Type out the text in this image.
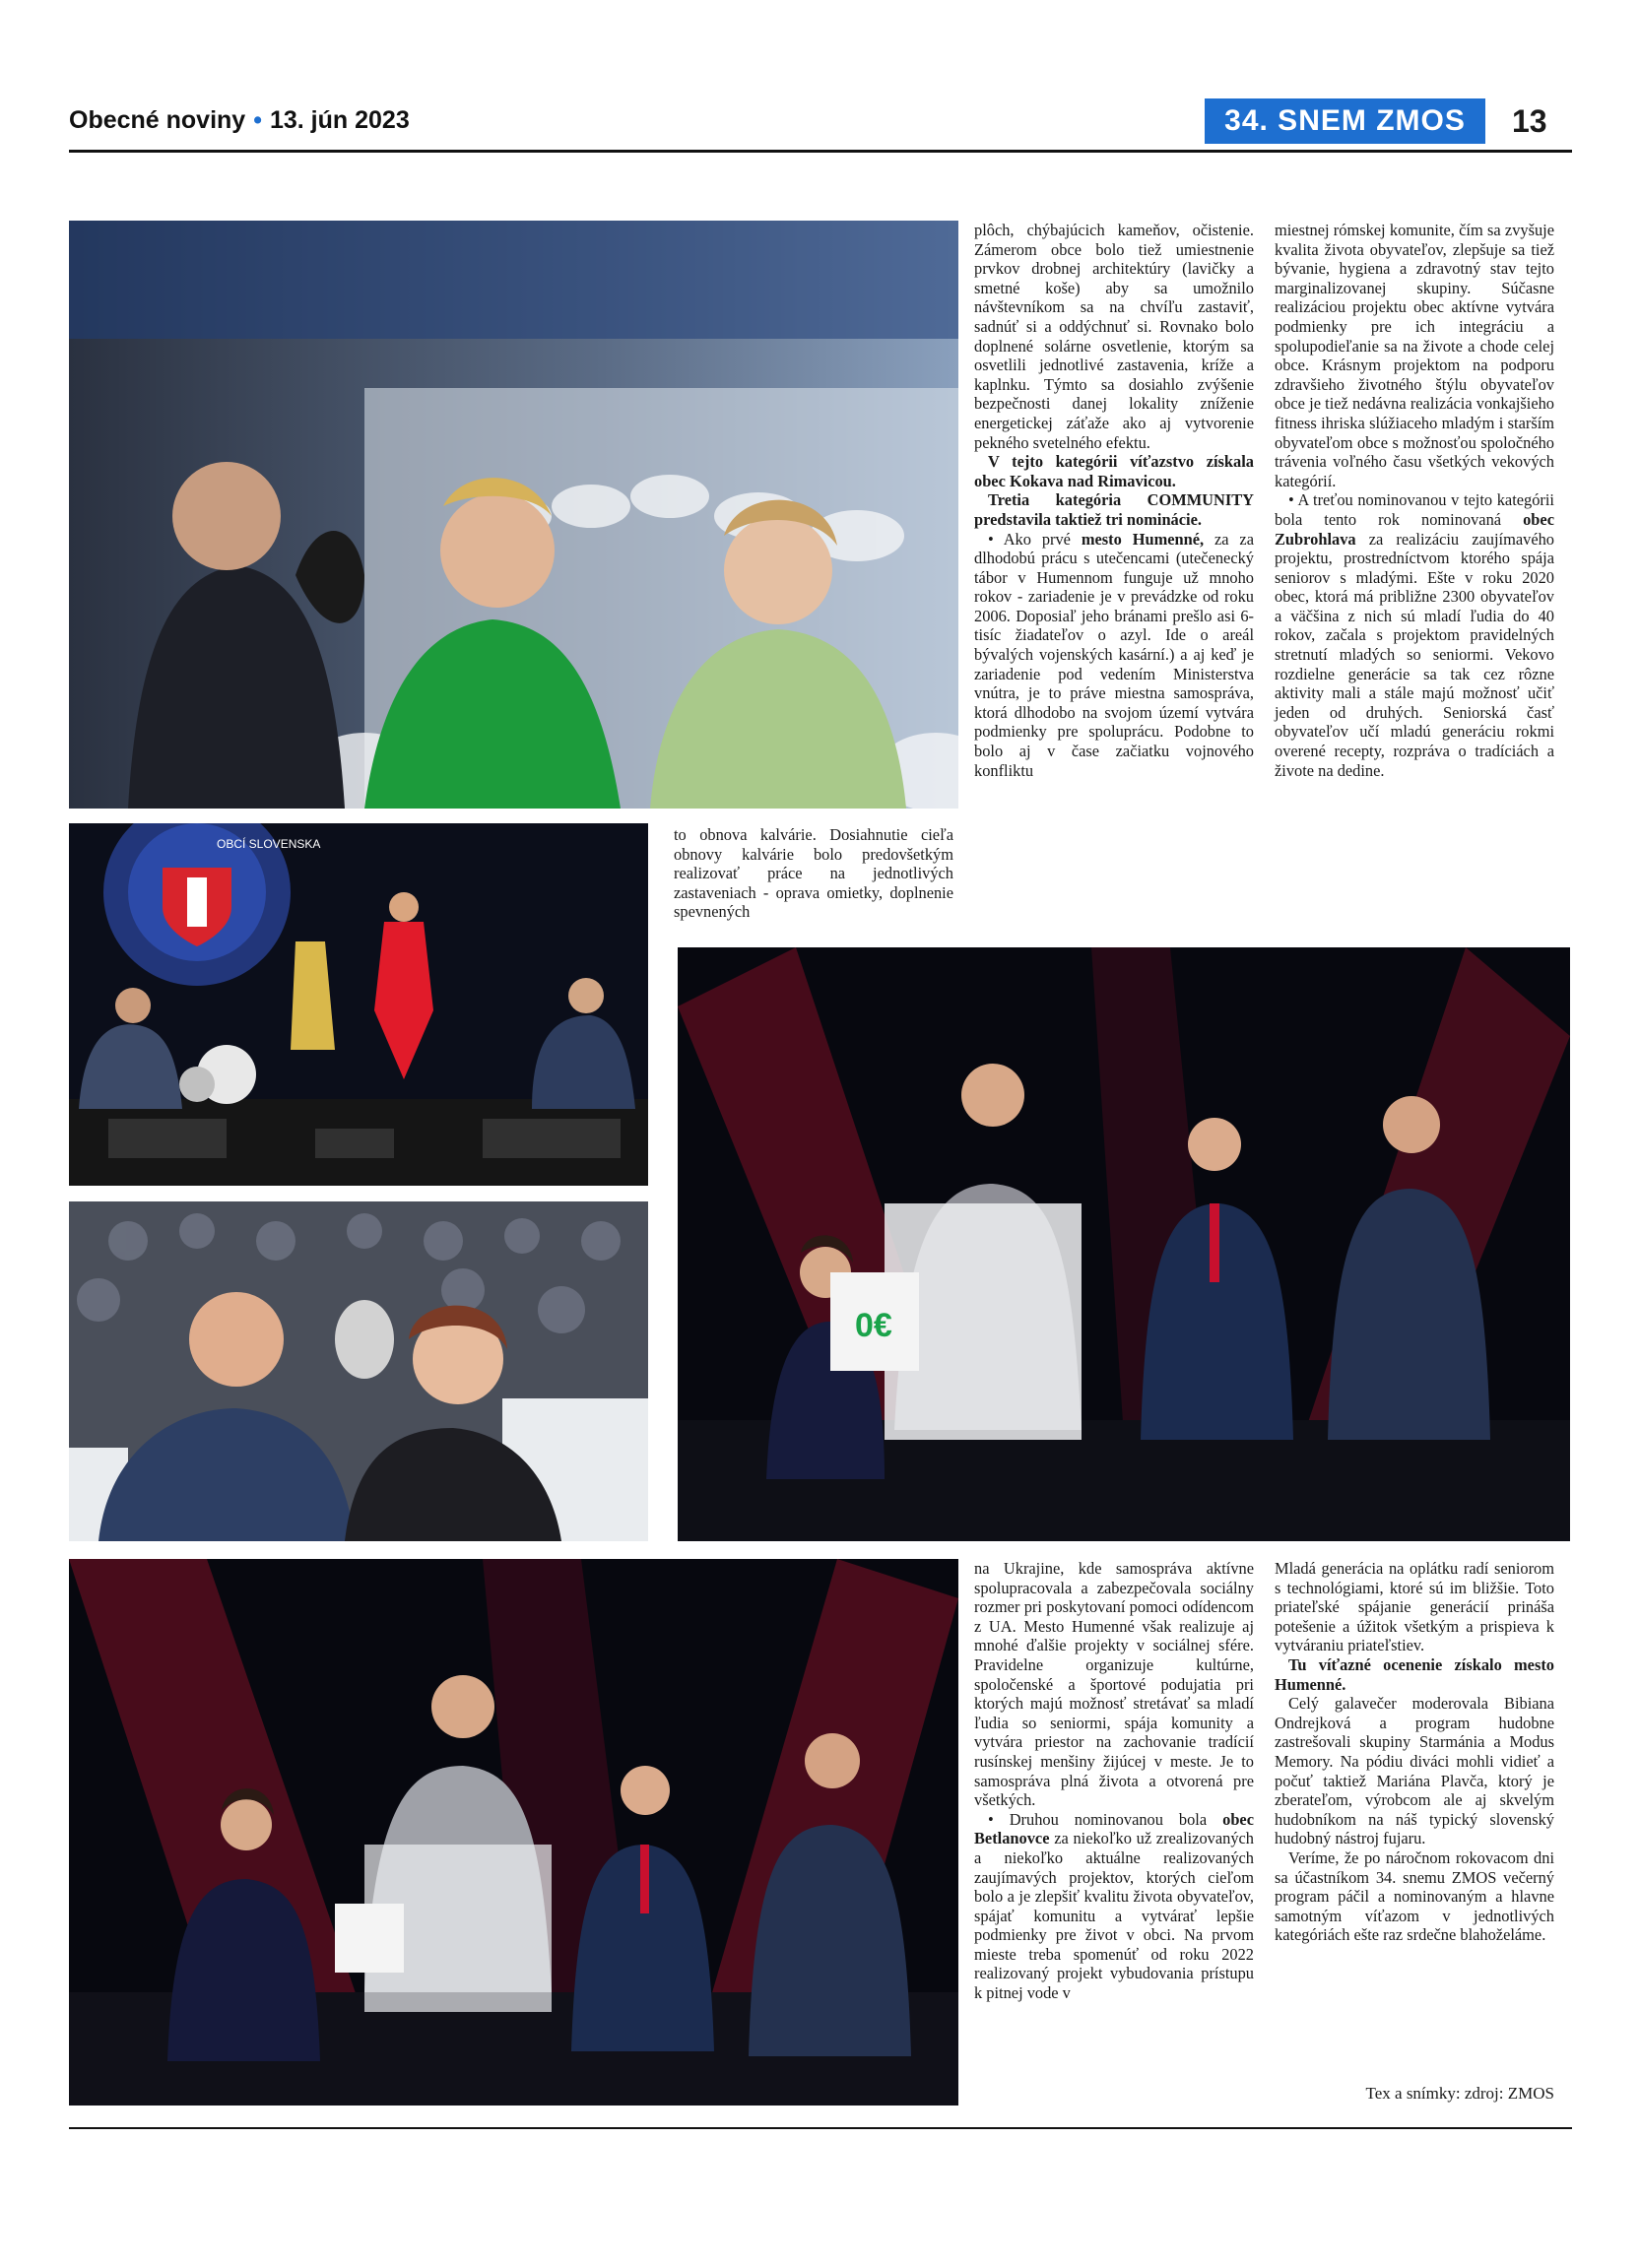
Obecné noviny • 13. jún 2023	34. SNEM ZMOS	13

plôch, chýbajúcich kameňov, očistenie. Zámerom obce bolo tiež umiestnenie prvkov drobnej architektúry (lavičky a smetné koše) aby sa umožnilo návštevníkom sa na chvíľu zastaviť, sadnúť si a oddýchnuť si. Rovnako bolo doplnené solárne osvetlenie, ktorým sa osvetlili jednotlivé zastavenia, kríže a kaplnku. Týmto sa dosiahlo zvýšenie bezpečnosti danej lokality zníženie energetickej záťaže ako aj vytvorenie pekného svetelného efektu.

V tejto kategórii víťazstvo získala obec Kokava nad Rimavicou.

Tretia kategória COMMUNITY predstavila taktiež tri nominácie.

• Ako prvé mesto Humenné, za za dlhodobú prácu s utečencami (utečenecký tábor v Humennom funguje už mnoho rokov - zariadenie je v prevádzke od roku 2006. Doposiaľ jeho bránami prešlo asi 6-tisíc žiadateľov o azyl. Ide o areál bývalých vojenských kasární.) a aj keď je zariadenie pod vedením Ministerstva vnútra, je to práve miestna samospráva, ktorá dlhodobo na svojom území vytvára podmienky pre spoluprácu. Podobne to bolo aj v čase začiatku vojnového konfliktu

miestnej rómskej komunite, čím sa zvyšuje kvalita života obyvateľov, zlepšuje sa tiež bývanie, hygiena a zdravotný stav tejto marginalizovanej skupiny. Súčasne realizáciou projektu obec aktívne vytvára podmienky pre ich integráciu a spolupodieľanie sa na živote a chode celej obce. Krásnym projektom na podporu zdravšieho životného štýlu obyvateľov obce je tiež nedávna realizácia vonkajšieho fitness ihriska slúžiaceho mladým i starším obyvateľom obce s možnosťou spoločného trávenia voľného času všetkých vekových kategórií.

• A treťou nominovanou v tejto kategórii bola tento rok nominovaná obec Zubrohlava za realizáciu zaujímavého projektu, prostredníctvom ktorého spája seniorov s mladými. Ešte v roku 2020 obec, ktorá má približne 2300 obyvateľov a väčšina z nich sú mladí ľudia do 40 rokov, začala s projektom pravidelných stretnutí mladých so seniormi. Vekovo rozdielne generácie sa tak cez rôzne aktivity mali a stále majú možnosť učiť jeden od druhých. Seniorská časť obyvateľov učí mladú generáciu rokmi overené recepty, rozpráva o tradíciách a živote na dedine.

OBCÍ SLOVENSKA	to obnova kalvárie. Dosiahnutie cieľa obnovy kalvárie bolo predovšetkým realizovať práce na jednotlivých zastaveniach - oprava omietky, doplnenie spevnených

0€

na Ukrajine, kde samospráva aktívne spolupracovala a zabezpečovala sociálny rozmer pri poskytovaní pomoci odídencom z UA. Mesto Humenné však realizuje aj mnohé ďalšie projekty v sociálnej sfére. Pravidelne organizuje kultúrne, spoločenské a športové podujatia pri ktorých majú možnosť stretávať sa mladí ľudia so seniormi, spája komunity a vytvára priestor na zachovanie tradícií rusínskej menšiny žijúcej v meste. Je to samospráva plná života a otvorená pre všetkých.

• Druhou nominovanou bola obec Betlanovce za niekoľko už zrealizovaných a niekoľko aktuálne realizovaných zaujímavých projektov, ktorých cieľom bolo a je zlepšiť kvalitu života obyvateľov, spájať komunitu a vytvárať lepšie podmienky pre život v obci. Na prvom mieste treba spomenúť od roku 2022 realizovaný projekt vybudovania prístupu k pitnej vode v

Mladá generácia na oplátku radí seniorom s technológiami, ktoré sú im bližšie. Toto priateľské spájanie generácií prináša potešenie a úžitok všetkým a prispieva k vytváraniu priateľstiev.

Tu víťazné ocenenie získalo mesto Humenné.

Celý galavečer moderovala Bibiana Ondrejková a program hudobne zastrešovali skupiny Starmánia a Modus Memory. Na pódiu diváci mohli vidieť a počuť taktiež Mariána Plavča, ktorý je zberateľom, výrobcom ale aj skvelým hudobníkom na náš typický slovenský hudobný nástroj fujaru.

Veríme, že po náročnom rokovacom dni sa účastníkom 34. snemu ZMOS večerný program páčil a nominovaným a hlavne samotným víťazom v jednotlivých kategóriách ešte raz srdečne blahoželáme.

Tex a snímky: zdroj: ZMOS
